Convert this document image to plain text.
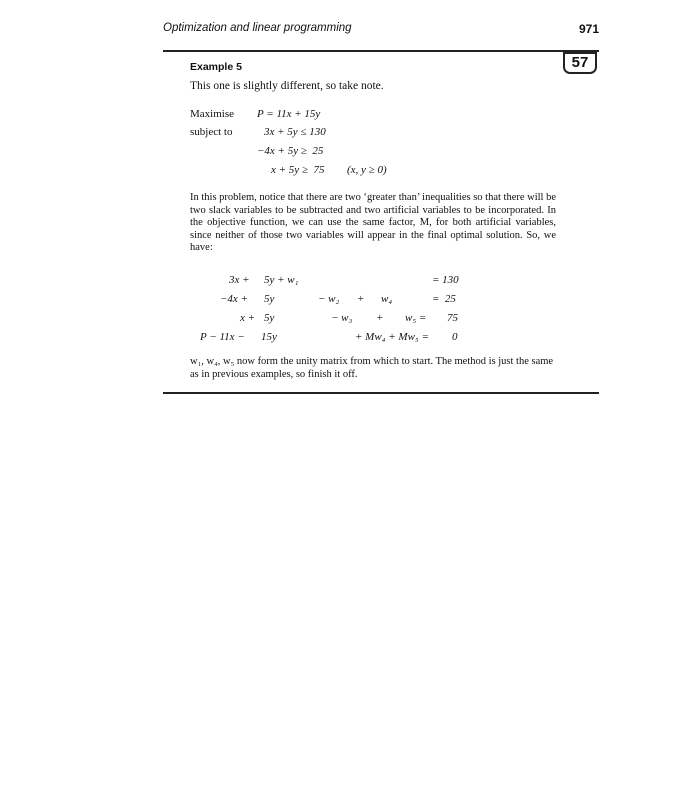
Optimization and linear programming	971
57
Example 5
This one is slightly different, so take note.
Maximise P = 11x + 15y
subject to	3x + 5y ≤ 130
−4x + 5y ≥  25
x + 5y ≥  75 (x, y ≥ 0)
In this problem, notice that there are two ‘greater than’ inequalities so that there will be two slack variables to be subtracted and two artificial variables to be incorporated. In the objective function, we can use the same factor, M, for both artificial variables, since neither of those two variables will appear in the final optimal solution. So, we have:
3x + 5y + w₁	= 130
−4x + 5y	− w₂ + w₄	=  25
x + 5y	− w₃ + w₅ = 75
P − 11x − 15y	+ Mw₄ + Mw₅ = 0
w₁, w₄, w₅ now form the unity matrix from which to start. The method is just the same as in previous examples, so finish it off.
